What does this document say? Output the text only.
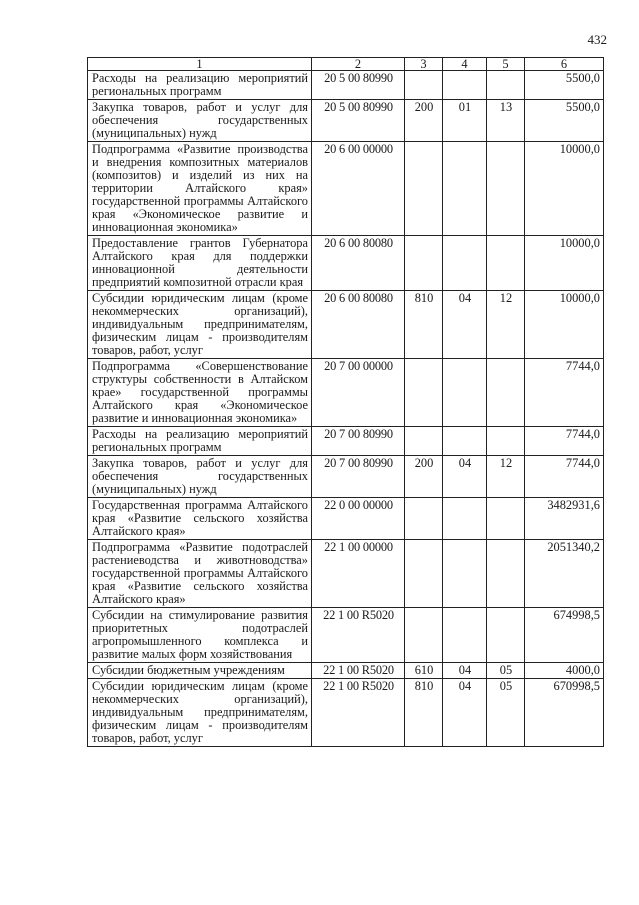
432
1	2	3	4	5	6
Расходы на реализацию мероприятий региональных программ	20 5 00 80990				5500,0
Закупка товаров, работ и услуг для обеспечения государственных (муниципальных) нужд	20 5 00 80990	200	01	13	5500,0
Подпрограмма «Развитие производства и внедрения композитных материалов (композитов) и изделий из них на территории Алтайского края» государственной программы Алтайского края «Экономическое развитие и инновационная экономика»	20 6 00 00000				10000,0
Предоставление грантов Губернатора Алтайского края для поддержки инновационной деятельности предприятий композитной отрасли края	20 6 00 80080				10000,0
Субсидии юридическим лицам (кроме некоммерческих организаций), индивидуальным предпринимателям, физическим лицам - производителям товаров, работ, услуг	20 6 00 80080	810	04	12	10000,0
Подпрограмма «Совершенствование структуры собственности в Алтайском крае» государственной программы Алтайского края «Экономическое развитие и инновационная экономика»	20 7 00 00000				7744,0
Расходы на реализацию мероприятий региональных программ	20 7 00 80990				7744,0
Закупка товаров, работ и услуг для обеспечения государственных (муниципальных) нужд	20 7 00 80990	200	04	12	7744,0
Государственная программа Алтайского края «Развитие сельского хозяйства Алтайского края»	22 0 00 00000				3482931,6
Подпрограмма «Развитие подотраслей растениеводства и животноводства» государственной программы Алтайского края «Развитие сельского хозяйства Алтайского края»	22 1 00 00000				2051340,2
Субсидии на стимулирование развития приоритетных подотраслей агропромышленного комплекса и развитие малых форм хозяйствования	22 1 00 R5020				674998,5
Субсидии бюджетным учреждениям	22 1 00 R5020	610	04	05	4000,0
Субсидии юридическим лицам (кроме некоммерческих организаций), индивидуальным предпринимателям, физическим лицам - производителям товаров, работ, услуг	22 1 00 R5020	810	04	05	670998,5
